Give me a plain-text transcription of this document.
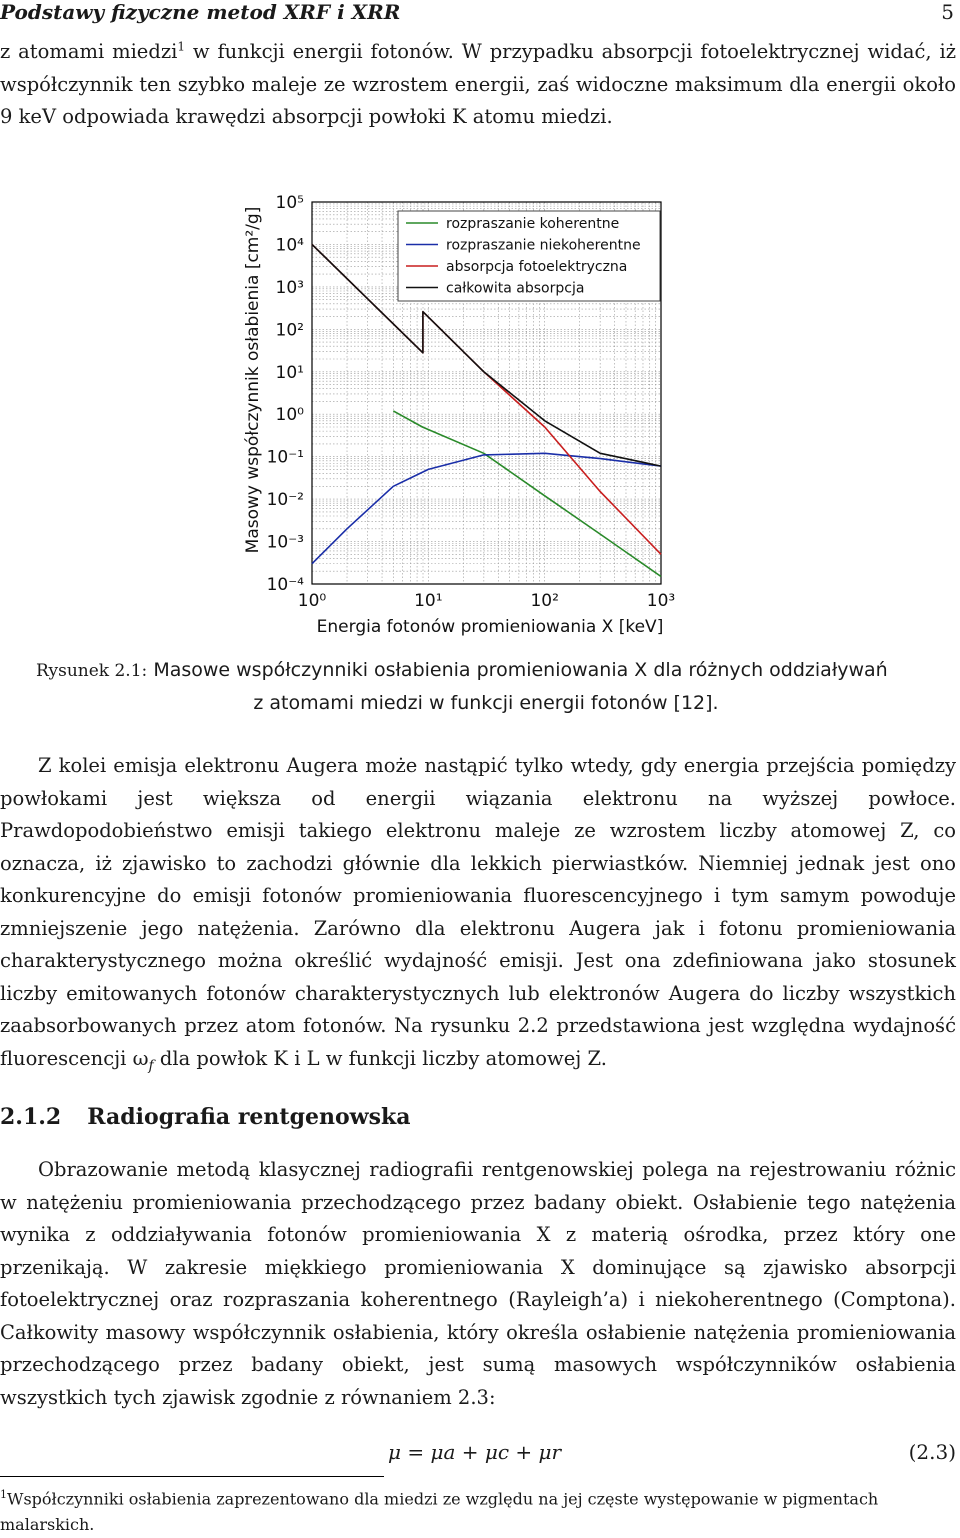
Podstawy fizyczne metod XRF i XRR	5
z atomami miedzi$^1$ w funkcji energii fotonów. W przypadku absorpcji fotoelektrycznej widać, iż współczynnik ten szybko maleje ze wzrostem energii, zaś widoczne maksimum dla energii około 9 keV odpowiada krawędzi absorpcji powłoki K atomu miedzi.
10⁵
10⁴
10³
10²
10¹
10⁰
10⁻¹
10⁻²
10⁻³
10⁻⁴
10⁰	10¹	10²	10³
Masowy współczynnik osłabienia [cm²/g]
Energia fotonów promieniowania X [keV]
rozpraszanie koherentne
rozpraszanie niekoherentne
absorpcja fotoelektryczna
całkowita absorpcja
Rysunek 2.1: Masowe współczynniki osłabienia promieniowania X dla różnych oddziaływań
z atomami miedzi w funkcji energii fotonów [12].
Z kolei emisja elektronu Augera może nastąpić tylko wtedy, gdy energia przejścia pomiędzy powłokami jest większa od energii wiązania elektronu na wyższej powłoce. Prawdopodobieństwo emisji takiego elektronu maleje ze wzrostem liczby atomowej Z, co oznacza, iż zjawisko to zachodzi głównie dla lekkich pierwiastków. Niemniej jednak jest ono konkurencyjne do emisji fotonów promieniowania fluorescencyjnego i tym samym powoduje zmniejszenie jego natężenia. Zarówno dla elektronu Augera jak i fotonu promieniowania charakterystycznego można określić wydajność emisji. Jest ona zdefiniowana jako stosunek liczby emitowanych fotonów charakterystycznych lub elektronów Augera do liczby wszystkich zaabsorbowanych przez atom fotonów. Na rysunku 2.2 przedstawiona jest względna wydajność fluorescencji $\omega_f$ dla powłok K i L w funkcji liczby atomowej Z.
2.1.2 Radiografia rentgenowska
Obrazowanie metodą klasycznej radiografii rentgenowskiej polega na rejestrowaniu różnic w natężeniu promieniowania przechodzącego przez badany obiekt. Osłabienie tego natężenia wynika z oddziaływania fotonów promieniowania X z materią ośrodka, przez który one przenikają. W zakresie miękkiego promieniowania X dominujące są zjawisko absorpcji fotoelektrycznej oraz rozpraszania koherentnego (Rayleigh’a) i niekoherentnego (Comptona). Całkowity masowy współczynnik osłabienia, który określa osłabienie natężenia promieniowania przechodzącego przez badany obiekt, jest sumą masowych współczynników osłabienia wszystkich tych zjawisk zgodnie z równaniem 2.3:
μ = μa + μc + μr	(2.3)
$^1$Współczynniki osłabienia zaprezentowano dla miedzi ze względu na jej częste występowanie w pigmentach malarskich.
